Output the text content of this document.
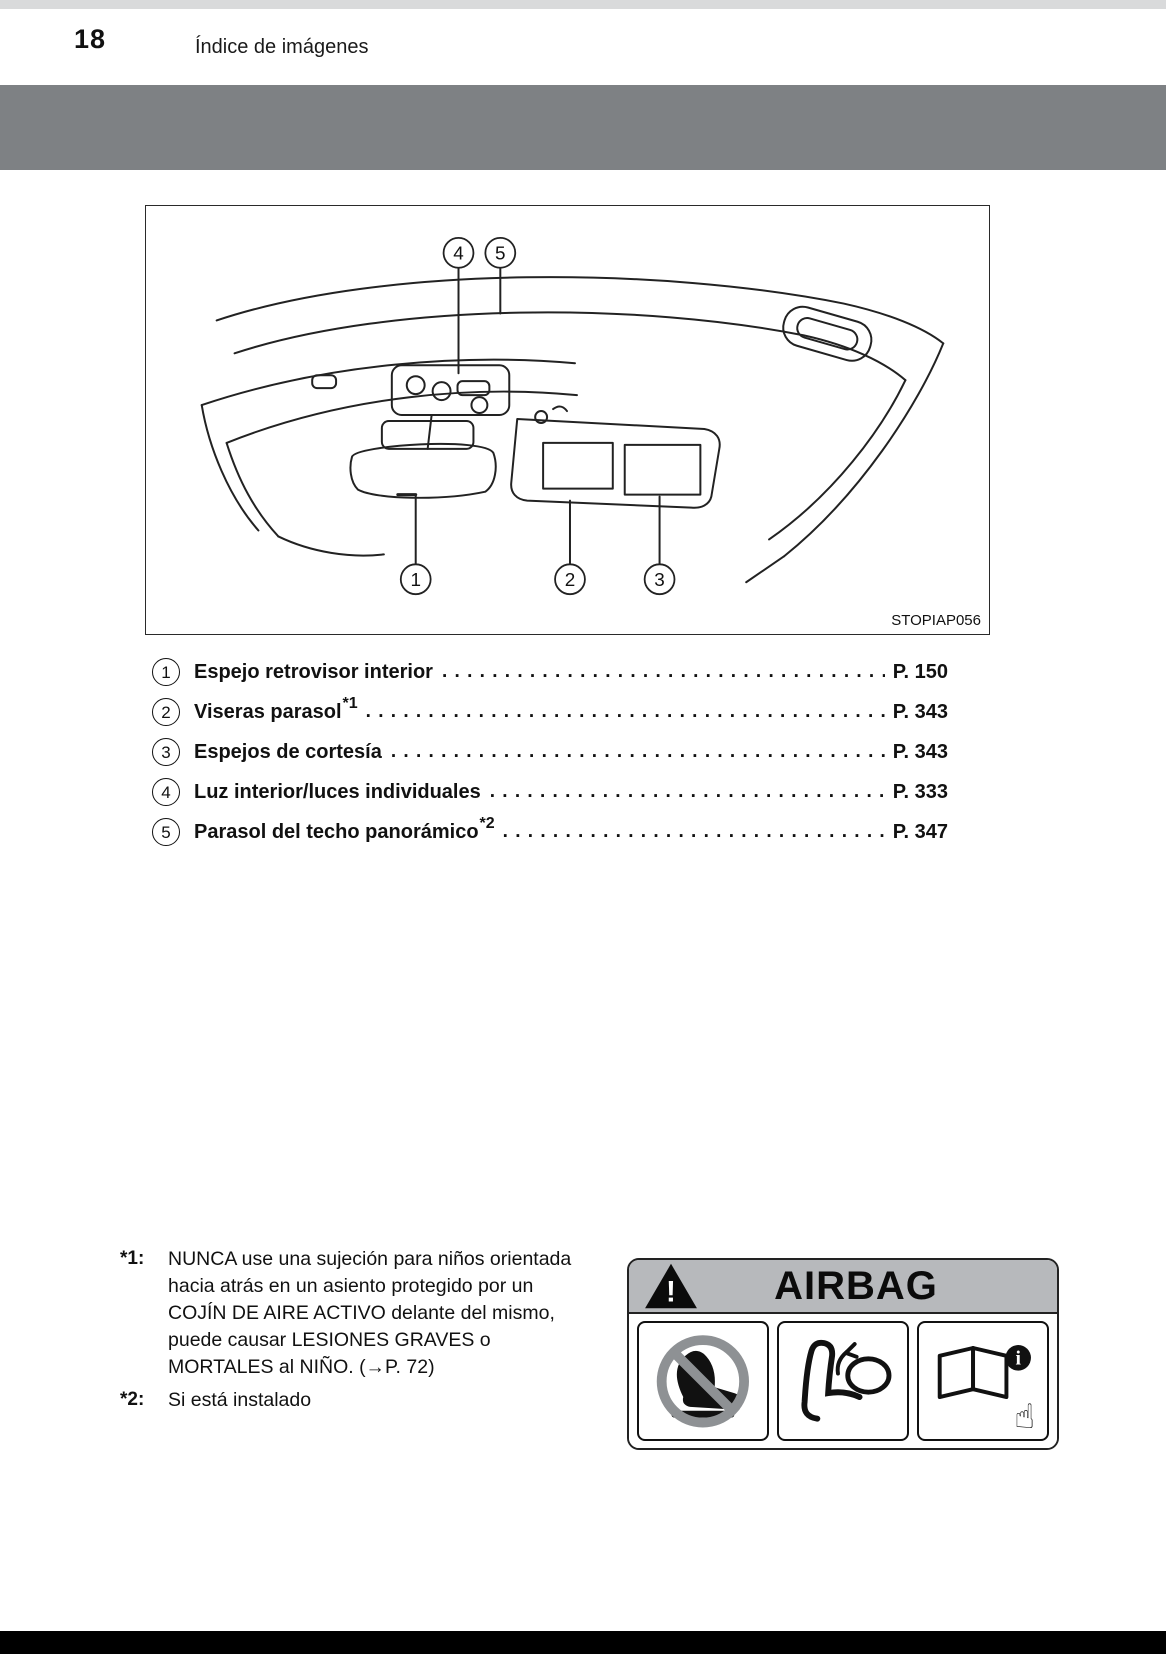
18	Índice de imágenes
4 5
1	2	3
STOPIAP056
1	Espejo retrovisor interior . . .	P. 150
2	Viseras parasol *1 . . .	P. 343
3	Espejos de cortesía . . .	P. 343
4	Luz interior/luces individuales . . .	P. 333
5	Parasol del techo panorámico *2 . . .	P. 347
*1:	NUNCA use una sujeción para niños orientada hacia atrás en un asiento protegido por un COJÍN DE AIRE ACTIVO delante del mismo, puede causar LESIONES GRAVES o MORTALES al NIÑO. (→P. 72)
*2:	Si está instalado
!	AIRBAG
i
☝
